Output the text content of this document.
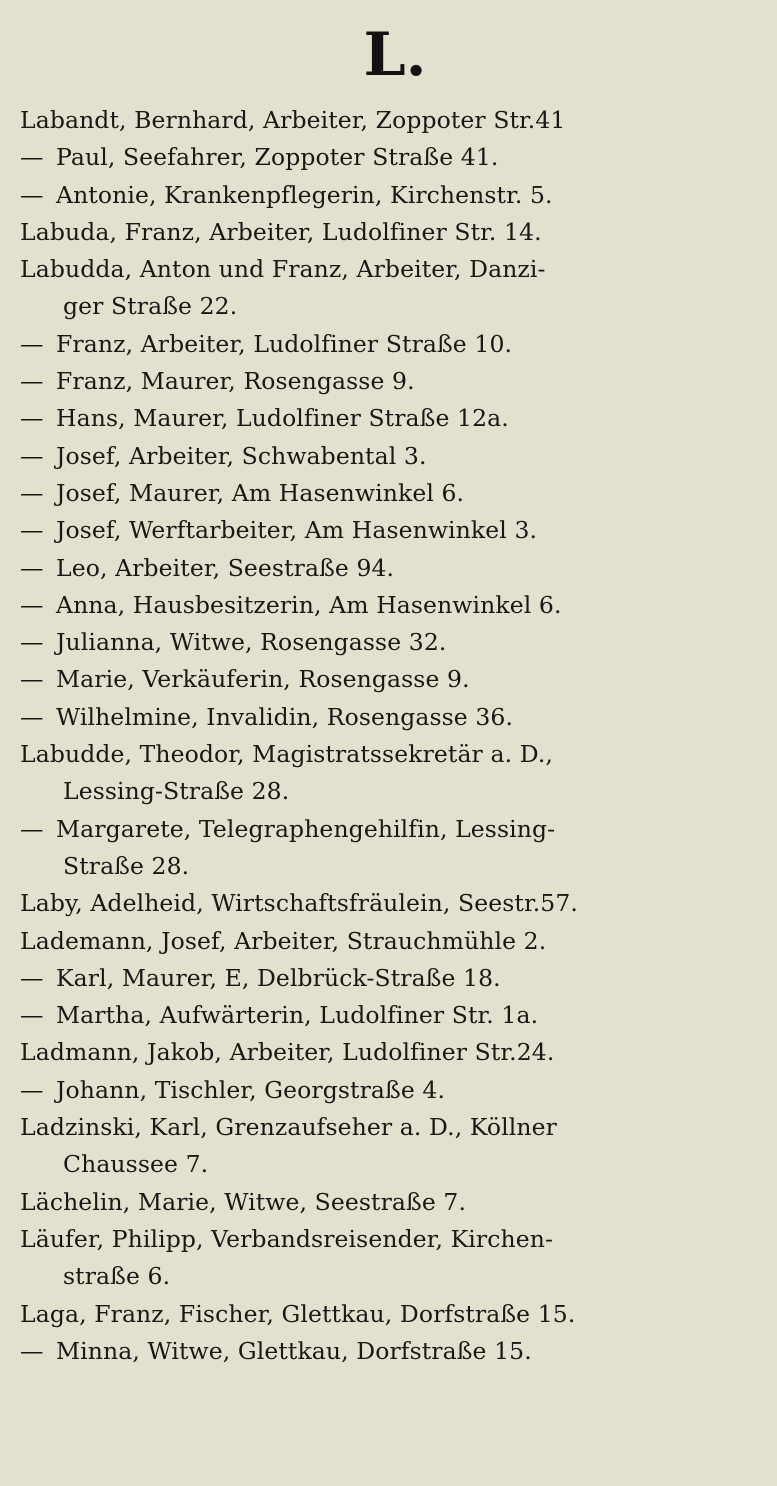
L.
Labandt, Bernhard, Arbeiter, Zoppoter Str.41
— Paul, Seefahrer, Zoppoter Straße 41.
— Antonie, Krankenpflegerin, Kirchenstr. 5.
Labuda, Franz, Arbeiter, Ludolfiner Str. 14.
Labudda, Anton und Franz, Arbeiter, Danzi-
ger Straße 22.
— Franz, Arbeiter, Ludolfiner Straße 10.
— Franz, Maurer, Rosengasse 9.
— Hans, Maurer, Ludolfiner Straße 12a.
— Josef, Arbeiter, Schwabental 3.
— Josef, Maurer, Am Hasenwinkel 6.
— Josef, Werftarbeiter, Am Hasenwinkel 3.
— Leo, Arbeiter, Seestraße 94.
— Anna, Hausbesitzerin, Am Hasenwinkel 6.
— Julianna, Witwe, Rosengasse 32.
— Marie, Verkäuferin, Rosengasse 9.
— Wilhelmine, Invalidin, Rosengasse 36.
Labudde, Theodor, Magistratssekretär a. D.,
Lessing-Straße 28.
— Margarete, Telegraphengehilfin, Lessing-
Straße 28.
Laby, Adelheid, Wirtschaftsfräulein, Seestr.57.
Lademann, Josef, Arbeiter, Strauchmühle 2.
— Karl, Maurer, E, Delbrück-Straße 18.
— Martha, Aufwärterin, Ludolfiner Str. 1a.
Ladmann, Jakob, Arbeiter, Ludolfiner Str.24.
— Johann, Tischler, Georgstraße 4.
Ladzinski, Karl, Grenzaufseher a. D., Köllner
Chaussee 7.
Lächelin, Marie, Witwe, Seestraße 7.
Läufer, Philipp, Verbandsreisender, Kirchen-
straße 6.
Laga, Franz, Fischer, Glettkau, Dorfstraße 15.
— Minna, Witwe, Glettkau, Dorfstraße 15.
